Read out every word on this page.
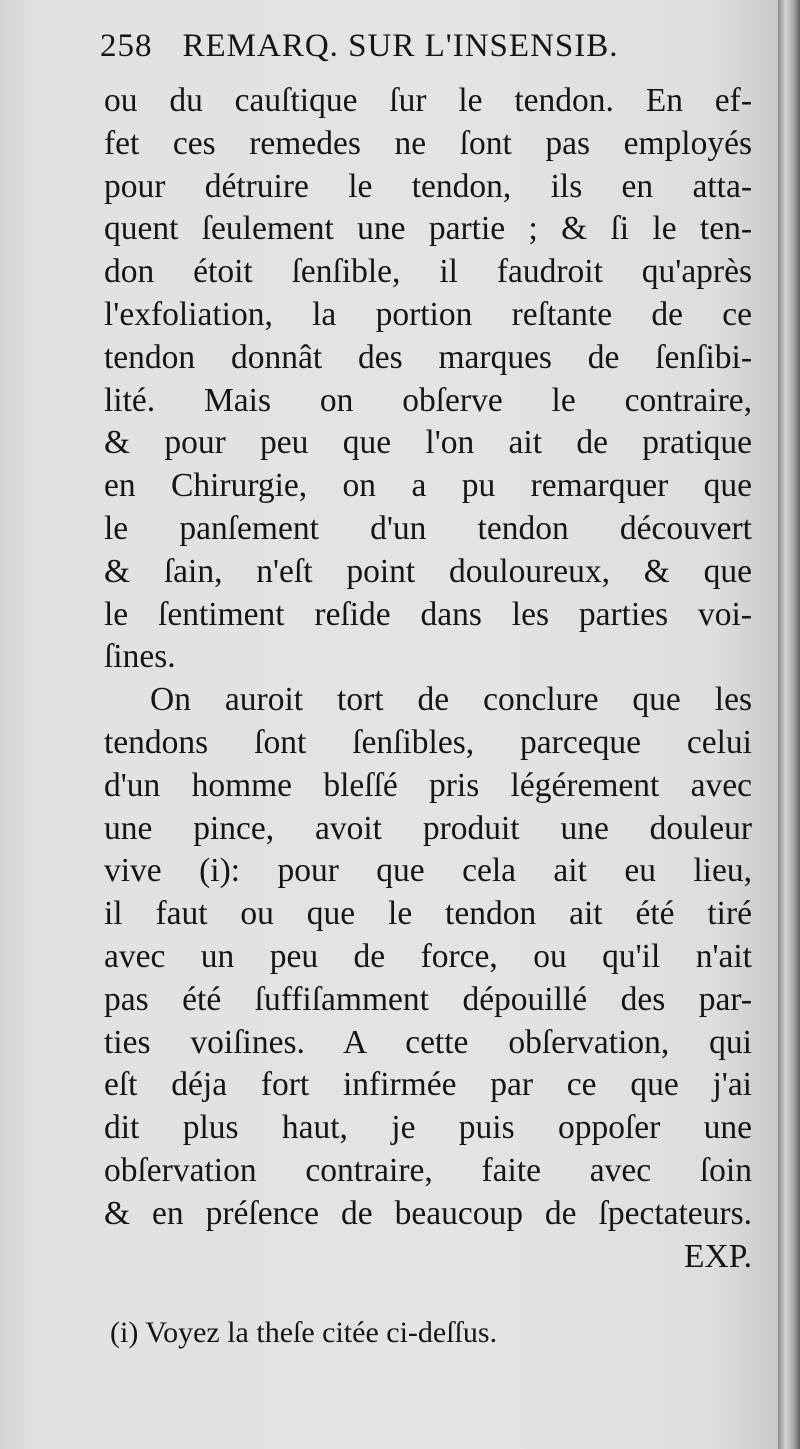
258 REMARQ. SUR L'INSENSIB.
ou du cauſtique ſur le tendon. En ef-
fet ces remedes ne ſont pas employés
pour détruire le tendon, ils en atta-
quent ſeulement une partie ; & ſi le ten-
don étoit ſenſible, il faudroit qu'après
l'exfoliation, la portion reſtante de ce
tendon donnât des marques de ſenſibi-
lité. Mais on obſerve le contraire,
& pour peu que l'on ait de pratique
en Chirurgie, on a pu remarquer que
le panſement d'un tendon découvert
& ſain, n'eſt point douloureux, & que
le ſentiment reſide dans les parties voi-
ſines.
On auroit tort de conclure que les
tendons ſont ſenſibles, parceque celui
d'un homme bleſſé pris légérement avec
une pince, avoit produit une douleur
vive (i): pour que cela ait eu lieu,
il faut ou que le tendon ait été tiré
avec un peu de force, ou qu'il n'ait
pas été ſuffiſamment dépouillé des par-
ties voiſines. A cette obſervation, qui
eſt déja fort infirmée par ce que j'ai
dit plus haut, je puis oppoſer une
obſervation contraire, faite avec ſoin
& en préſence de beaucoup de ſpectateurs.
EXP.
(i) Voyez la theſe citée ci-deſſus.
